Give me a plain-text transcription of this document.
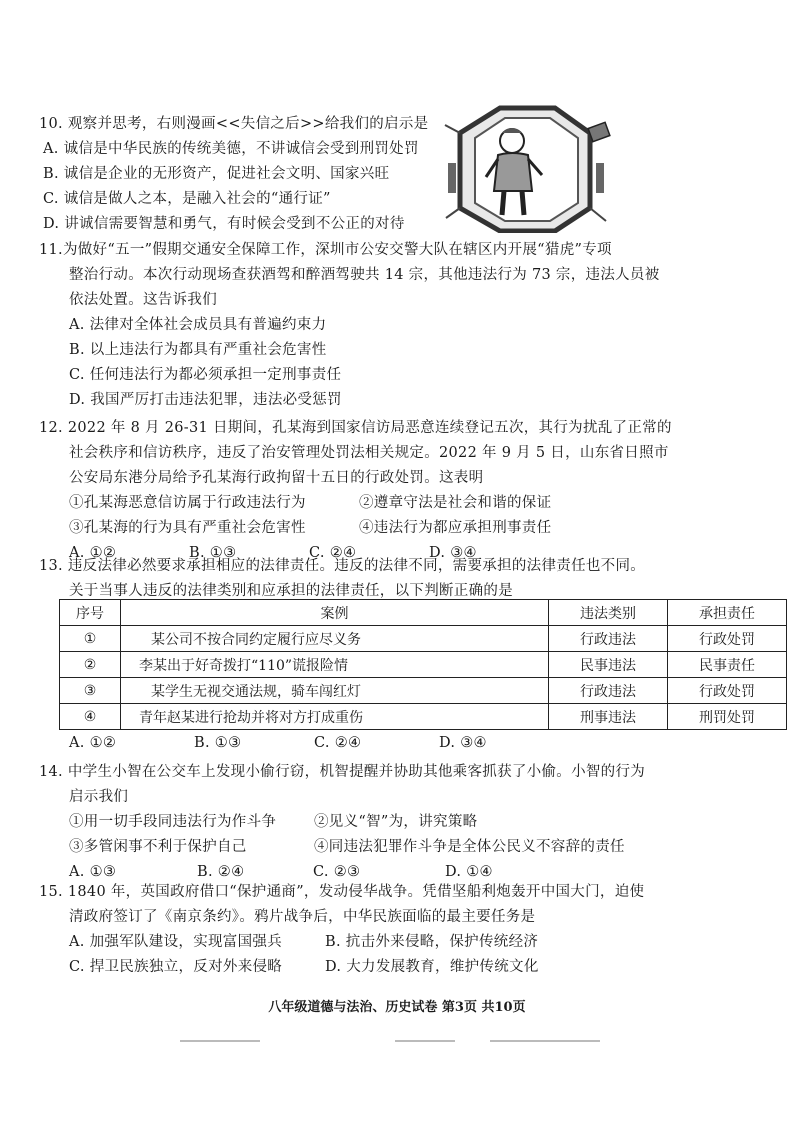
10. 观察并思考，右则漫画<<失信之后>>给我们的启示是
A. 诚信是中华民族的传统美德，不讲诚信会受到刑罚处罚
B. 诚信是企业的无形资产，促进社会文明、国家兴旺
C. 诚信是做人之本，是融入社会的“通行证”
D. 讲诚信需要智慧和勇气，有时候会受到不公正的对待
11.为做好“五一”假期交通安全保障工作，深圳市公安交警大队在辖区内开展“猎虎”专项
整治行动。本次行动现场查获酒驾和醉酒驾驶共 14 宗，其他违法行为 73 宗，违法人员被
依法处置。这告诉我们
A. 法律对全体社会成员具有普遍约束力
B. 以上违法行为都具有严重社会危害性
C. 任何违法行为都必须承担一定刑事责任
D. 我国严厉打击违法犯罪，违法必受惩罚
12. 2022 年 8 月 26-31 日期间，孔某海到国家信访局恶意连续登记五次，其行为扰乱了正常的
社会秩序和信访秩序，违反了治安管理处罚法相关规定。2022 年 9 月 5 日，山东省日照市
公安局东港分局给予孔某海行政拘留十五日的行政处罚。这表明
①孔某海恶意信访属于行政违法行为	②遵章守法是社会和谐的保证
③孔某海的行为具有严重社会危害性	④违法行为都应承担刑事责任
A. ①②	B. ①③	C. ②④	D. ③④
13. 违反法律必然要求承担相应的法律责任。违反的法律不同，需要承担的法律责任也不同。
关于当事人违反的法律类别和应承担的法律责任，以下判断正确的是
序号	案例	违法类别	承担责任
①	某公司不按合同约定履行应尽义务	行政违法	行政处罚
②	李某出于好奇拨打“110”谎报险情	民事违法	民事责任
③	某学生无视交通法规，骑车闯红灯	行政违法	行政处罚
④	青年赵某进行抢劫并将对方打成重伤	刑事违法	刑罚处罚
A. ①②	B. ①③	C. ②④	D. ③④
14. 中学生小智在公交车上发现小偷行窃，机智提醒并协助其他乘客抓获了小偷。小智的行为
启示我们
①用一切手段同违法行为作斗争	②见义“智”为，讲究策略
③多管闲事不利于保护自己	④同违法犯罪作斗争是全体公民义不容辞的责任
A. ①③	B. ②④	C. ②③	D. ①④
15. 1840 年，英国政府借口“保护通商”，发动侵华战争。凭借坚船利炮轰开中国大门，迫使
清政府签订了《南京条约》。鸦片战争后，中华民族面临的最主要任务是
A. 加强军队建设，实现富国强兵	B. 抗击外来侵略，保护传统经济
C. 捍卫民族独立，反对外来侵略	D. 大力发展教育，维护传统文化
八年级道德与法治、历史试卷 第3页 共10页
